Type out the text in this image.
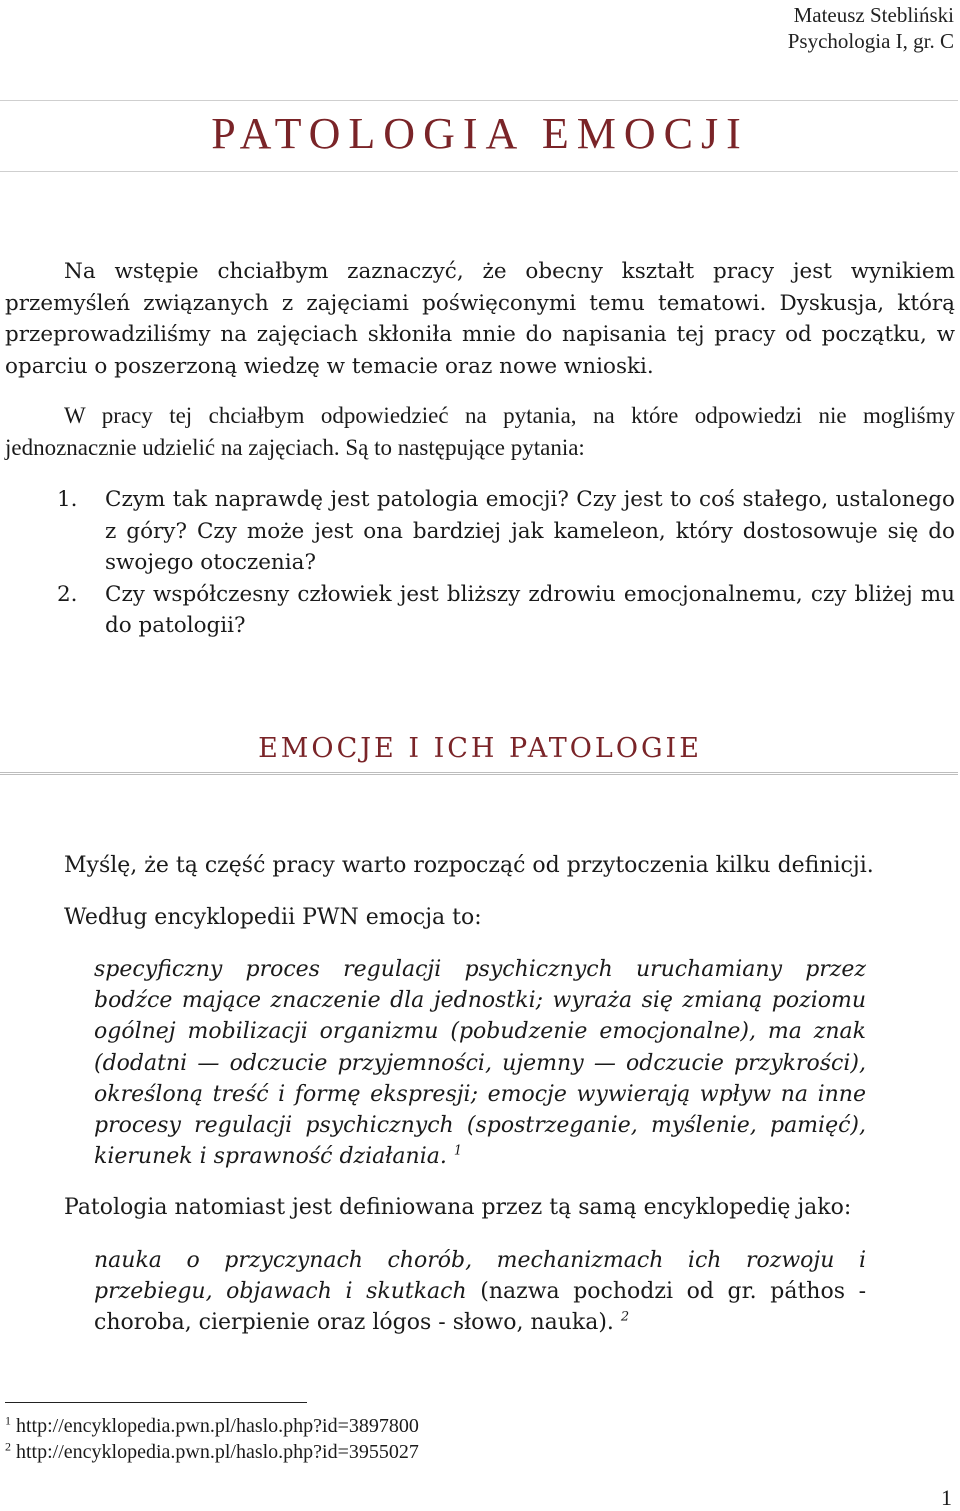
Mateusz Stebliński
Psychologia I, gr. C
PATOLOGIA EMOCJI
Na wstępie chciałbym zaznaczyć, że obecny kształt pracy jest wynikiem przemyśleń związanych z zajęciami poświęconymi temu tematowi. Dyskusja, którą przeprowadziliśmy na zajęciach skłoniła mnie do napisania tej pracy od początku, w oparciu o poszerzoną wiedzę w temacie oraz nowe wnioski.
W pracy tej chciałbym odpowiedzieć na pytania, na które odpowiedzi nie mogliśmy jednoznacznie udzielić na zajęciach. Są to następujące pytania:
1. Czym tak naprawdę jest patologia emocji? Czy jest to coś stałego, ustalonego z góry? Czy może jest ona bardziej jak kameleon, który dostosowuje się do swojego otoczenia?
2. Czy współczesny człowiek jest bliższy zdrowiu emocjonalnemu, czy bliżej mu do patologii?
EMOCJE I ICH PATOLOGIE
Myślę, że tą część pracy warto rozpocząć od przytoczenia kilku definicji.
Według encyklopedii PWN emocja to:
specyficzny proces regulacji psychicznych uruchamiany przez bodźce mające znaczenie dla jednostki; wyraża się zmianą poziomu ogólnej mobilizacji organizmu (pobudzenie emocjonalne), ma znak (dodatni — odczucie przyjemności, ujemny — odczucie przykrości), określoną treść i formę ekspresji; emocje wywierają wpływ na inne procesy regulacji psychicznych (spostrzeganie, myślenie, pamięć), kierunek i sprawność działania. $^1$
Patologia natomiast jest definiowana przez tą samą encyklopedię jako:
nauka o przyczynach chorób, mechanizmach ich rozwoju i przebiegu, objawach i skutkach (nazwa pochodzi od gr. páthos - choroba, cierpienie oraz lógos - słowo, nauka). $^2$
$^1$ http://encyklopedia.pwn.pl/haslo.php?id=3897800
$^2$ http://encyklopedia.pwn.pl/haslo.php?id=3955027
1
